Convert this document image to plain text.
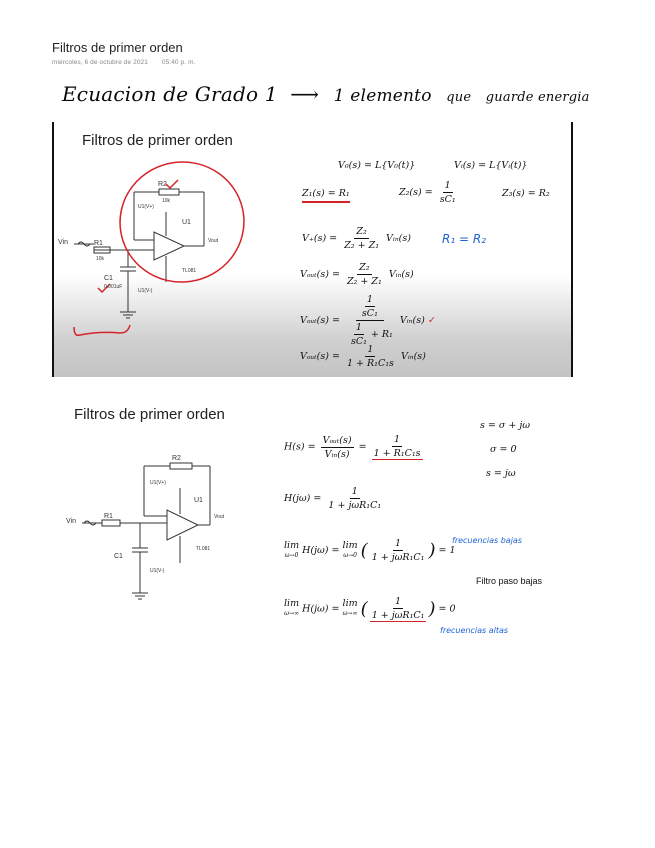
Filtros de primer orden
miércoles, 6 de octubre de 2021 05:40 p. m.
Ecuacion de Grado 1 ⟶ 1 elemento que guarde energia
Filtros de primer orden
Vin	R1
10k
C1
0.001uF
R2
10k
U1
Vout
U1(V+)
U1(V-)
TL081
V₀(s) = L{V₀(t)}	Vᵢ(s) = L{Vᵢ(t)}
Z₁(s) = R₁	$Z_2(s) = \frac{1}{\text{sC₁}}$	Z₃(s) = R₂
$V_+(s) = \frac{\text{Z₂}}{\text{Z₂ + Z₁}}$ Vᵢₙ(s)	R₁ = R₂
Vₒᵤₜ(s) = $\frac{\text{Z₂}}{\text{Z₂ + Z₁}}$ Vᵢₙ(s)
Vₒᵤₜ(s) = $\frac{\frac{1}{\text{sC₁}}}{\frac{1}{\text{sC₁}} + R_1}$ Vᵢₙ(s) ✓
Vₒᵤₜ(s) = $\frac{1}{\text{1 + R₁C₁s}}$ Vᵢₙ(s)
Filtros de primer orden
Vin
R1
C1
R2
U1
Vout
U1(V+)
U1(V-)
TL081
s = σ + jω
σ = 0
s = jω
$H(s) = \frac{\text{Vₒᵤₜ(s)}}{\text{Vᵢₙ(s)}} = \frac{1}{\text{1 + R₁C₁s}}$
$H(j\omega) = \frac{1}{\text{1 + jωR₁C₁}}$
lim
ω→0 H(jω) = lim
ω→0 ( $\frac{1}{\text{1 + jωR₁C₁}}$ ) = 1
frecuencias bajas
Filtro paso bajas
lim
ω→∞ H(jω) = lim
ω→∞ ( $\frac{1}{\text{1 + jωR₁C₁}}$ ) = 0
frecuencias altas
